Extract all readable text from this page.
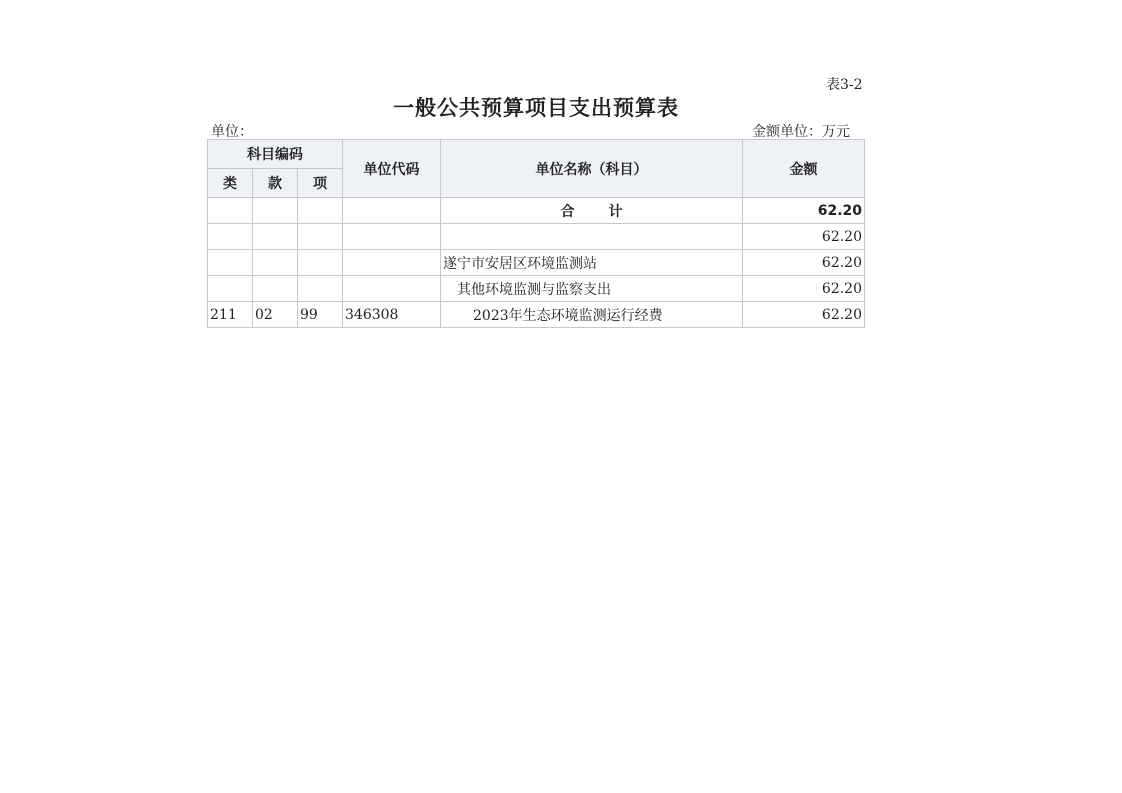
表3-2
一般公共预算项目支出预算表
单位：	金额单位：万元
科目编码			单位代码	单位名称（科目）	金额
类	款	项			
				合 计	62.20
					62.20
				遂宁市安居区环境监测站	62.20
				其他环境监测与监察支出	62.20
211	02	99	346308	2023年生态环境监测运行经费	62.20
